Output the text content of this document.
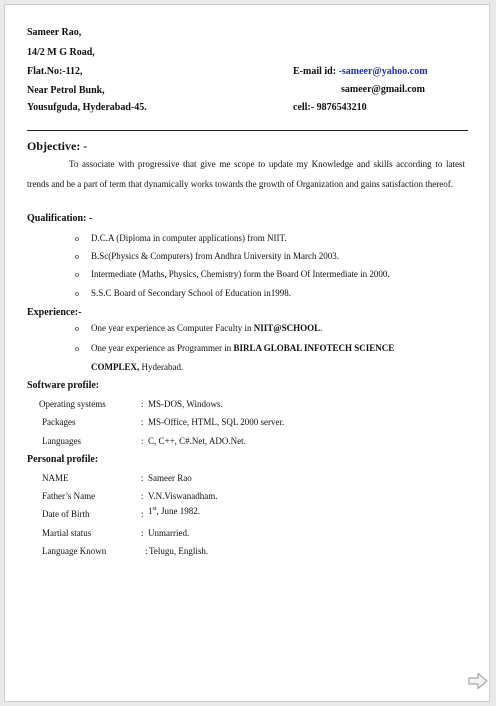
Sameer Rao,
14/2 M G Road,
Flat.No:-112,
Near Petrol Bunk,
Yousufguda, Hyderabad-45.
E-mail id: -sameer@yahoo.com
sameer@gmail.com
cell:- 9876543210
Objective: -
To associate with progressive that give me scope to update my Knowledge and skills according to latest trends and be a part of term that dynamically works towards the growth of Organization and gains satisfaction thereof.
Qualification: -
o D.C.A (Diploma in computer applications) from NIIT.
o B.Sc(Physics & Computers) from Andhra University in March 2003.
o Intermediate (Maths, Physics, Chemistry) form the Board Of Intermediate in 2000.
o S.S.C Board of Secondary School of Education in1998.
Experience:-
o One year experience as Computer Faculty in NIIT@SCHOOL.
o One year experience as Programmer in BIRLA GLOBAL INFOTECH SCIENCE
COMPLEX, Hyderabad.
Software profile:
Operating systems	: MS-DOS, Windows.
Packages	: MS-Office, HTML, SQL 2000 server.
Languages	: C, C++, C#.Net, ADO.Net.
Personal profile:
NAME	: Sameer Rao
Father’s Name	: V.N.Viswanadham.
Date of Birth	: 1st, June 1982.
Martial status	: Unmarried.
Language Known	: Telugu, English.
